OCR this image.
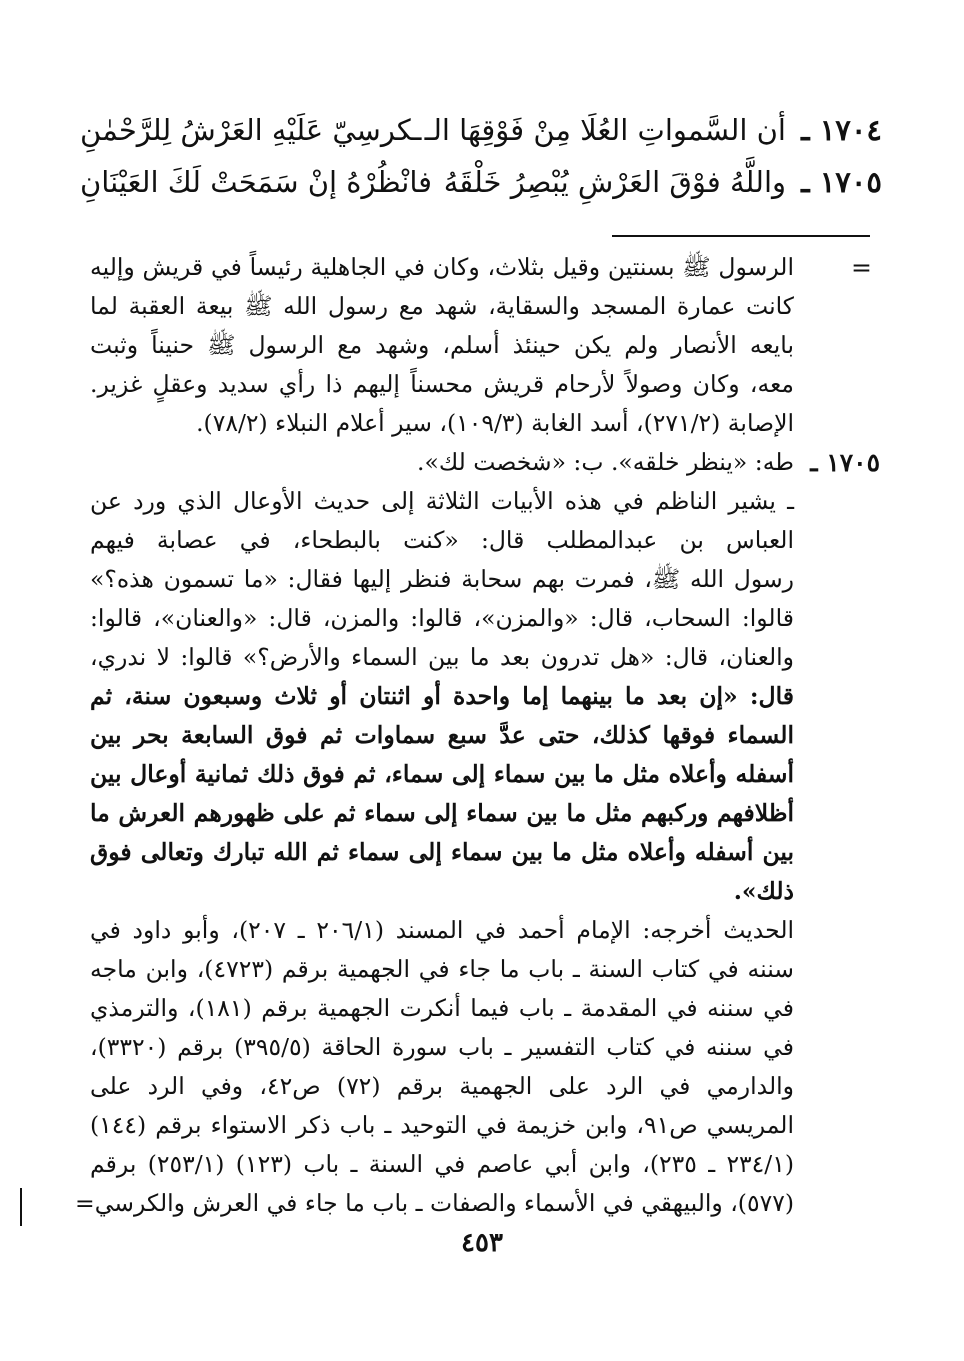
١٧٠٤ ـ
أن السَّمواتِ العُلَا مِنْ فَوْقِهَا الـ
ـكرسِيّ عَلَيْهِ العَرْشُ لِلرَّحْمٰنِ
١٧٠٥ ـ
واللَّهُ فوْقَ العَرْشِ يُبْصِرُ خَلْقَهُ
فانْظُرْهُ إنْ سَمَحَتْ لَكَ العَيْنَانِ
=
الرسول ﷺ بسنتين وقيل بثلاث، وكان في الجاهلية رئيساً في قريش وإليه
كانت عمارة المسجد والسقاية، شهد مع رسول الله ﷺ بيعة العقبة لما
بايعه الأنصار ولم يكن حينئذ أسلم، وشهد مع الرسول ﷺ حنيناً وثبت
معه، وكان وصولاً لأرحام قريش محسناً إليهم ذا رأي سديد وعقلٍ غزير.
الإصابة (٢٧١/٢)، أسد الغابة (١٠٩/٣)، سير أعلام النبلاء (٧٨/٢).
١٧٠٥ ـ
طه: «ينظر خلقه». ب: «شخصت لك».
ـ يشير الناظم في هذه الأبيات الثلاثة إلى حديث الأوعال الذي ورد عن
العباس بن عبدالمطلب قال: «كنت بالبطحاء، في عصابة فيهم
رسول الله ﷺ، فمرت بهم سحابة فنظر إليها فقال: «ما تسمون هذه؟»
قالوا: السحاب، قال: «والمزن»، قالوا: والمزن، قال: «والعنان»، قالوا:
والعنان، قال: «هل تدرون بعد ما بين السماء والأرض؟» قالوا: لا ندري،
قال: «إن بعد ما بينهما إما واحدة أو اثنتان أو ثلاث وسبعون سنة، ثم
السماء فوقها كذلك، حتى عدَّ سبع سماوات ثم فوق السابعة بحر بين
أسفله وأعلاه مثل ما بين سماء إلى سماء، ثم فوق ذلك ثمانية أوعال بين
أظلافهم وركبهم مثل ما بين سماء إلى سماء ثم على ظهورهم العرش ما
بين أسفله وأعلاه مثل ما بين سماء إلى سماء ثم الله تبارك وتعالى فوق
ذلك».
الحديث أخرجه: الإمام أحمد في المسند (٢٠٦/١ ـ ٢٠٧)، وأبو داود في
سننه في كتاب السنة ـ باب ما جاء في الجهمية برقم (٤٧٢٣)، وابن ماجه
في سننه في المقدمة ـ باب فيما أنكرت الجهمية برقم (١٨١)، والترمذي
في سننه في كتاب التفسير ـ باب سورة الحاقة (٣٩٥/٥) برقم (٣٣٢٠)،
والدارمي في الرد على الجهمية برقم (٧٢) ص٤٢، وفي الرد على
المريسي ص٩١، وابن خزيمة في التوحيد ـ باب ذكر الاستواء برقم (١٤٤)
(٢٣٤/١ ـ ٢٣٥)، وابن أبي عاصم في السنة ـ باب (١٢٣) (٢٥٣/١) برقم
(٥٧٧)، والبيهقي في الأسماء والصفات ـ باب ما جاء في العرش والكرسي=
٤٥٣
